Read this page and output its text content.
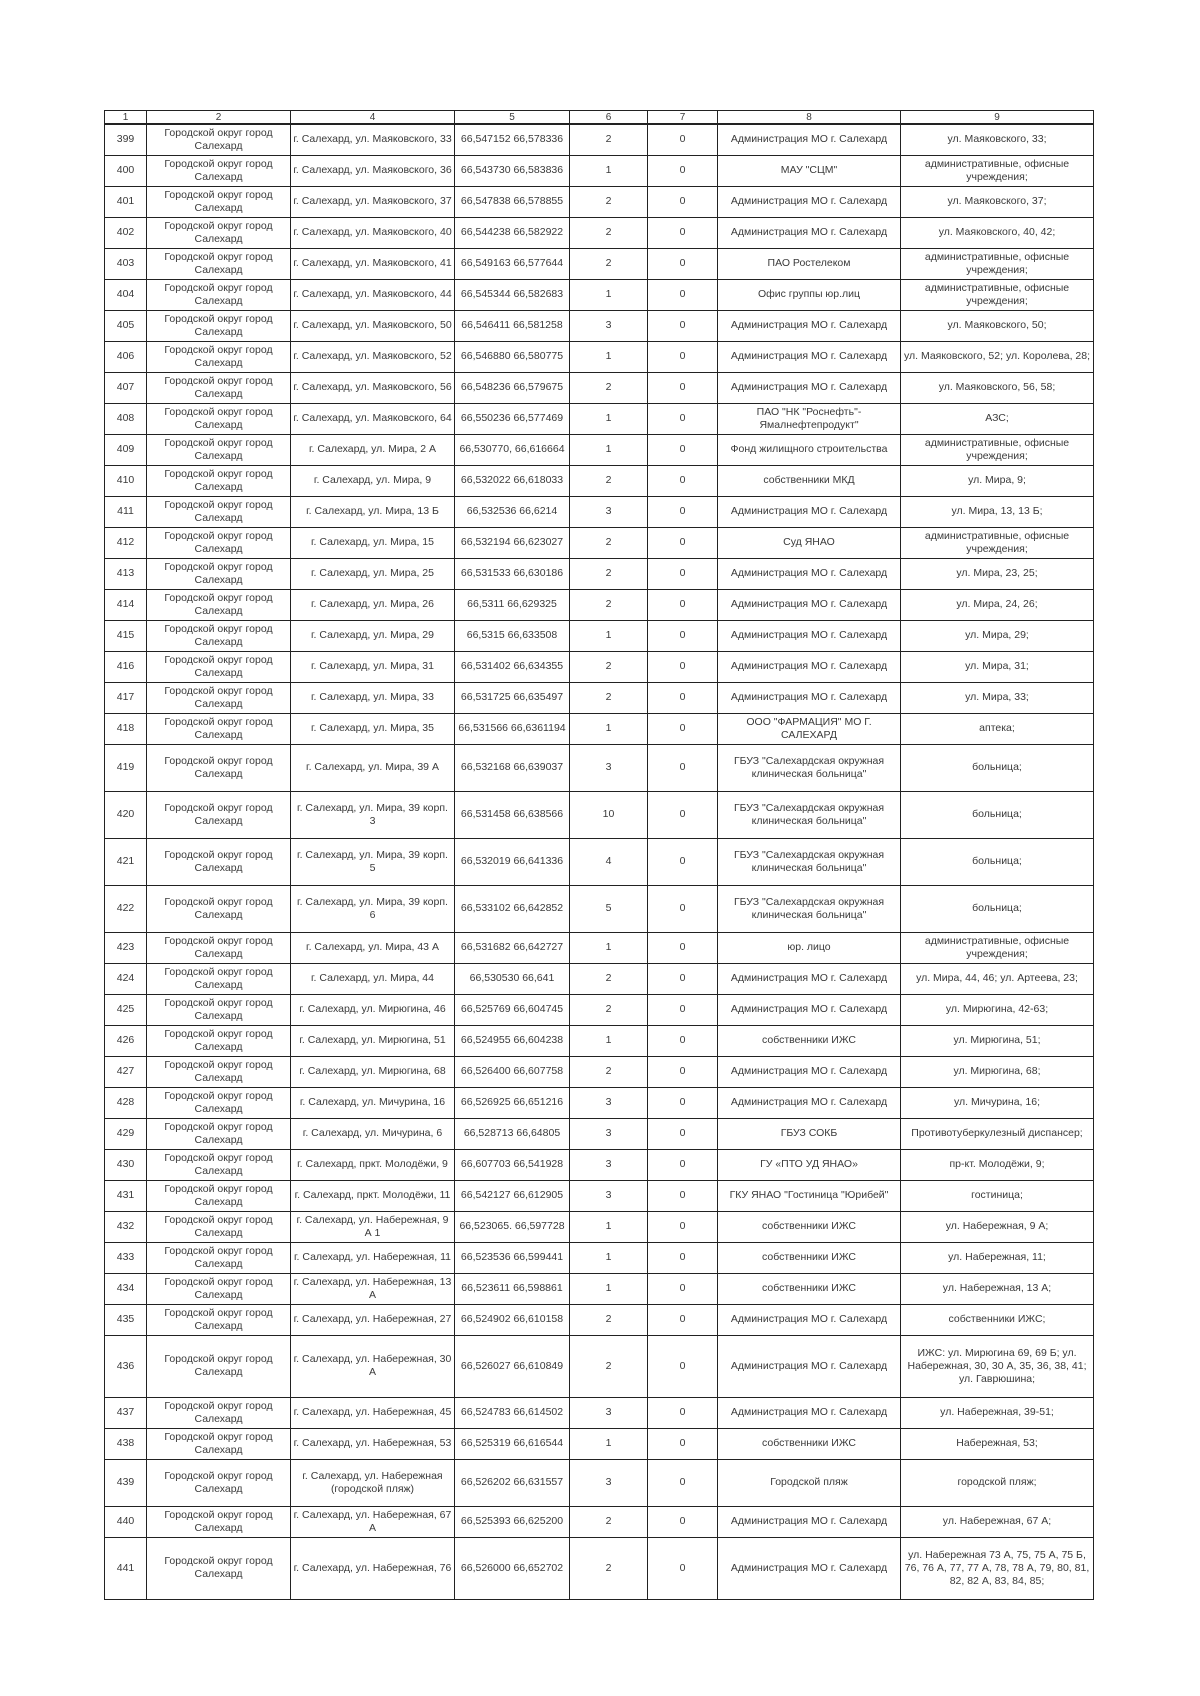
1	2	4	5	6	7	8	9
399	Городской округ город Салехард	г. Салехард, ул. Маяковского, 33	66,547152 66,578336	2	0	Администрация МО г. Салехард	ул. Маяковского, 33;
400	Городской округ город Салехард	г. Салехард, ул. Маяковского, 36	66,543730 66,583836	1	0	МАУ "СЦМ"	административные, офисные учреждения;
401	Городской округ город Салехард	г. Салехард, ул. Маяковского, 37	66,547838 66,578855	2	0	Администрация МО г. Салехард	ул. Маяковского, 37;
402	Городской округ город Салехард	г. Салехард, ул. Маяковского, 40	66,544238 66,582922	2	0	Администрация МО г. Салехард	ул. Маяковского, 40, 42;
403	Городской округ город Салехард	г. Салехард, ул. Маяковского, 41	66,549163 66,577644	2	0	ПАО Ростелеком	административные, офисные учреждения;
404	Городской округ город Салехард	г. Салехард, ул. Маяковского, 44	66,545344 66,582683	1	0	Офис группы юр.лиц	административные, офисные учреждения;
405	Городской округ город Салехард	г. Салехард, ул. Маяковского, 50	66,546411 66,581258	3	0	Администрация МО г. Салехард	ул. Маяковского, 50;
406	Городской округ город Салехард	г. Салехард, ул. Маяковского, 52	66,546880 66,580775	1	0	Администрация МО г. Салехард	ул. Маяковского, 52; ул. Королева, 28;
407	Городской округ город Салехард	г. Салехард, ул. Маяковского, 56	66,548236 66,579675	2	0	Администрация МО г. Салехард	ул. Маяковского, 56, 58;
408	Городской округ город Салехард	г. Салехард, ул. Маяковского, 64	66,550236 66,577469	1	0	ПАО "НК "Роснефть"-Ямалнефтепродукт"	АЗС;
409	Городской округ город Салехард	г. Салехард, ул. Мира, 2 А	66,530770, 66,616664	1	0	Фонд жилищного строительства	административные, офисные учреждения;
410	Городской округ город Салехард	г. Салехард, ул. Мира, 9	66,532022 66,618033	2	0	собственники МКД	ул. Мира, 9;
411	Городской округ город Салехард	г. Салехард, ул. Мира, 13 Б	66,532536 66,6214	3	0	Администрация МО г. Салехард	ул. Мира, 13, 13 Б;
412	Городской округ город Салехард	г. Салехард, ул. Мира, 15	66,532194 66,623027	2	0	Суд ЯНАО	административные, офисные учреждения;
413	Городской округ город Салехард	г. Салехард, ул. Мира, 25	66,531533 66,630186	2	0	Администрация МО г. Салехард	ул. Мира, 23, 25;
414	Городской округ город Салехард	г. Салехард, ул. Мира, 26	66,5311 66,629325	2	0	Администрация МО г. Салехард	ул. Мира, 24, 26;
415	Городской округ город Салехард	г. Салехард, ул. Мира, 29	66,5315 66,633508	1	0	Администрация МО г. Салехард	ул. Мира, 29;
416	Городской округ город Салехард	г. Салехард, ул. Мира, 31	66,531402 66,634355	2	0	Администрация МО г. Салехард	ул. Мира, 31;
417	Городской округ город Салехард	г. Салехард, ул. Мира, 33	66,531725 66,635497	2	0	Администрация МО г. Салехард	ул. Мира, 33;
418	Городской округ город Салехард	г. Салехард, ул. Мира, 35	66,531566 66,6361194	1	0	ООО "ФАРМАЦИЯ" МО Г. САЛЕХАРД	аптека;
419	Городской округ город Салехард	г. Салехард, ул. Мира, 39 А	66,532168 66,639037	3	0	ГБУЗ "Салехардская окружная клиническая больница"	больница;
420	Городской округ город Салехард	г. Салехард, ул. Мира, 39 корп. 3	66,531458 66,638566	10	0	ГБУЗ "Салехардская окружная клиническая больница"	больница;
421	Городской округ город Салехард	г. Салехард, ул. Мира, 39 корп. 5	66,532019 66,641336	4	0	ГБУЗ "Салехардская окружная клиническая больница"	больница;
422	Городской округ город Салехард	г. Салехард, ул. Мира, 39 корп. 6	66,533102 66,642852	5	0	ГБУЗ "Салехардская окружная клиническая больница"	больница;
423	Городской округ город Салехард	г. Салехард, ул. Мира, 43 А	66,531682 66,642727	1	0	юр. лицо	административные, офисные учреждения;
424	Городской округ город Салехард	г. Салехард, ул. Мира, 44	66,530530 66,641	2	0	Администрация МО г. Салехард	ул. Мира, 44, 46; ул. Артеева, 23;
425	Городской округ город Салехард	г. Салехард, ул. Мирюгина, 46	66,525769 66,604745	2	0	Администрация МО г. Салехард	ул. Мирюгина, 42-63;
426	Городской округ город Салехард	г. Салехард, ул. Мирюгина, 51	66,524955 66,604238	1	0	собственники ИЖС	ул. Мирюгина, 51;
427	Городской округ город Салехард	г. Салехард, ул. Мирюгина, 68	66,526400 66,607758	2	0	Администрация МО г. Салехард	ул. Мирюгина, 68;
428	Городской округ город Салехард	г. Салехард, ул. Мичурина, 16	66,526925 66,651216	3	0	Администрация МО г. Салехард	ул. Мичурина, 16;
429	Городской округ город Салехард	г. Салехард, ул. Мичурина, 6	66,528713 66,64805	3	0	ГБУЗ СОКБ	Противотуберкулезный диспансер;
430	Городской округ город Салехард	г. Салехард, пркт. Молодёжи, 9	66,607703 66,541928	3	0	ГУ «ПТО УД ЯНАО»	пр-кт. Молодёжи, 9;
431	Городской округ город Салехард	г. Салехард, пркт. Молодёжи, 11	66,542127 66,612905	3	0	ГКУ ЯНАО "Гостиница "Юрибей"	гостиница;
432	Городской округ город Салехард	г. Салехард, ул. Набережная, 9 А 1	66,523065. 66,597728	1	0	собственники ИЖС	ул. Набережная, 9 А;
433	Городской округ город Салехард	г. Салехард, ул. Набережная, 11	66,523536 66,599441	1	0	собственники ИЖС	ул. Набережная, 11;
434	Городской округ город Салехард	г. Салехард, ул. Набережная, 13 А	66,523611 66,598861	1	0	собственники ИЖС	ул. Набережная, 13 А;
435	Городской округ город Салехард	г. Салехард, ул. Набережная, 27	66,524902 66,610158	2	0	Администрация МО г. Салехард	собственники ИЖС;
436	Городской округ город Салехард	г. Салехард, ул. Набережная, 30 А	66,526027 66,610849	2	0	Администрация МО г. Салехард	ИЖС: ул. Мирюгина 69, 69 Б; ул. Набережная, 30, 30 А, 35, 36, 38, 41; ул. Гаврюшина;
437	Городской округ город Салехард	г. Салехард, ул. Набережная, 45	66,524783 66,614502	3	0	Администрация МО г. Салехард	ул. Набережная, 39-51;
438	Городской округ город Салехард	г. Салехард, ул. Набережная, 53	66,525319 66,616544	1	0	собственники ИЖС	Набережная, 53;
439	Городской округ город Салехард	г. Салехард, ул. Набережная (городской пляж)	66,526202 66,631557	3	0	Городской пляж	городской пляж;
440	Городской округ город Салехард	г. Салехард, ул. Набережная, 67 А	66,525393 66,625200	2	0	Администрация МО г. Салехард	ул. Набережная, 67 А;
441	Городской округ город Салехард	г. Салехард, ул. Набережная, 76	66,526000 66,652702	2	0	Администрация МО г. Салехард	ул. Набережная 73 А, 75, 75 А, 75 Б, 76, 76 А, 77, 77 А, 78, 78 А, 79, 80, 81, 82, 82 А, 83, 84, 85;
